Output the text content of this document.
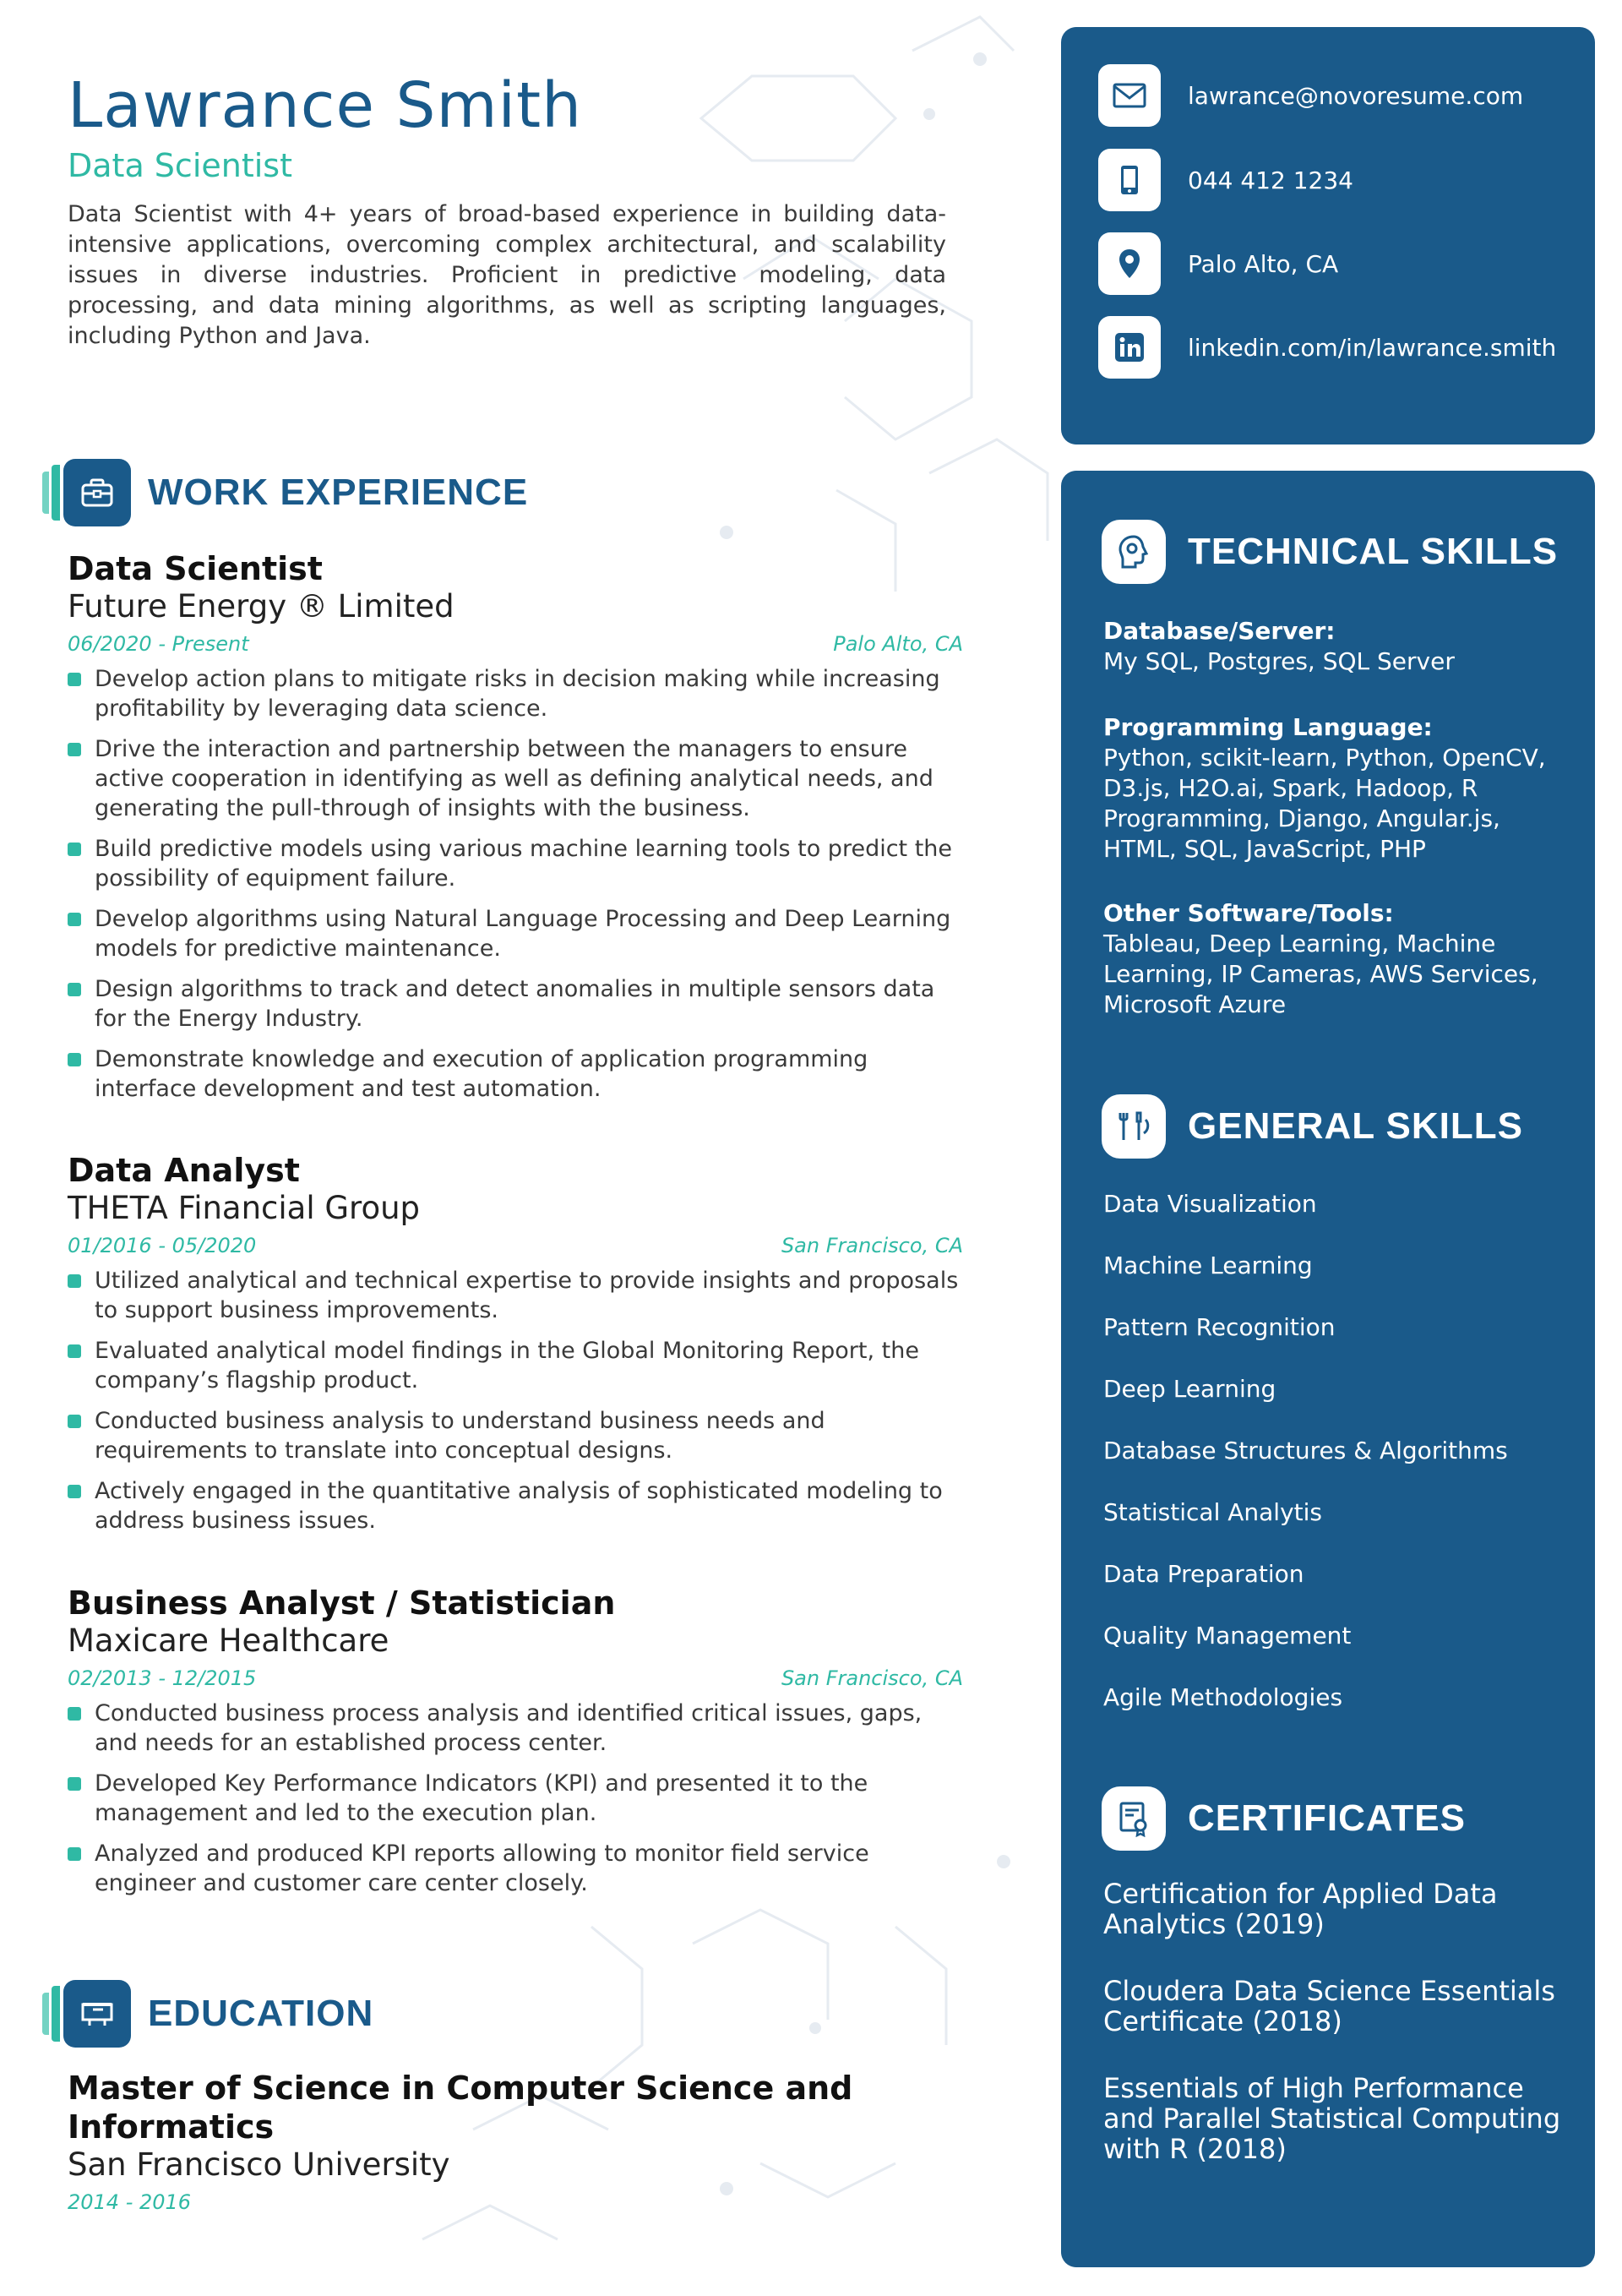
Lawrance Smith
Data Scientist

Data Scientist with 4+ years of broad-based experience in building data-intensive applications, overcoming complex architectural, and scalability issues in diverse industries. Proficient in predictive modeling, data processing, and data mining algorithms, as well as scripting languages, including Python and Java.

WORK EXPERIENCE
Data Scientist
Future Energy ® Limited
06/2020 - Present	Palo Alto, CA
Develop action plans to mitigate risks in decision making while increasing profitability by leveraging data science.
Drive the interaction and partnership between the managers to ensure active cooperation in identifying as well as defining analytical needs, and generating the pull-through of insights with the business.
Build predictive models using various machine learning tools to predict the possibility of equipment failure.
Develop algorithms using Natural Language Processing and Deep Learning models for predictive maintenance.
Design algorithms to track and detect anomalies in multiple sensors data for the Energy Industry.
Demonstrate knowledge and execution of application programming interface development and test automation.
Data Analyst
THETA Financial Group
01/2016 - 05/2020	San Francisco, CA
Utilized analytical and technical expertise to provide insights and proposals to support business improvements.
Evaluated analytical model findings in the Global Monitoring Report, the company’s flagship product.
Conducted business analysis to understand business needs and requirements to translate into conceptual designs.
Actively engaged in the quantitative analysis of sophisticated modeling to address business issues.
Business Analyst / Statistician
Maxicare Healthcare
02/2013 - 12/2015	San Francisco, CA
Conducted business process analysis and identified critical issues, gaps, and needs for an established process center.
Developed Key Performance Indicators (KPI) and presented it to the management and led to the execution plan.
Analyzed and produced KPI reports allowing to monitor field service engineer and customer care center closely.
EDUCATION
Master of Science in Computer Science and Informatics
San Francisco University
2014 - 2016
lawrance@novoresume.com
044 412 1234
Palo Alto, CA
linkedin.com/in/lawrance.smith
TECHNICAL SKILLS
Database/Server:
My SQL, Postgres, SQL Server
Programming Language:
Python, scikit-learn, Python, OpenCV, D3.js, H2O.ai, Spark, Hadoop, R Programming, Django, Angular.js, HTML, SQL, JavaScript, PHP
Other Software/Tools:
Tableau, Deep Learning, Machine Learning, IP Cameras, AWS Services, Microsoft Azure
GENERAL SKILLS
Data Visualization
Machine Learning
Pattern Recognition
Deep Learning
Database Structures & Algorithms
Statistical Analytis
Data Preparation
Quality Management
Agile Methodologies
CERTIFICATES
Certification for Applied Data Analytics (2019)
Cloudera Data Science Essentials Certificate (2018)
Essentials of High Performance and Parallel Statistical Computing with R (2018)
